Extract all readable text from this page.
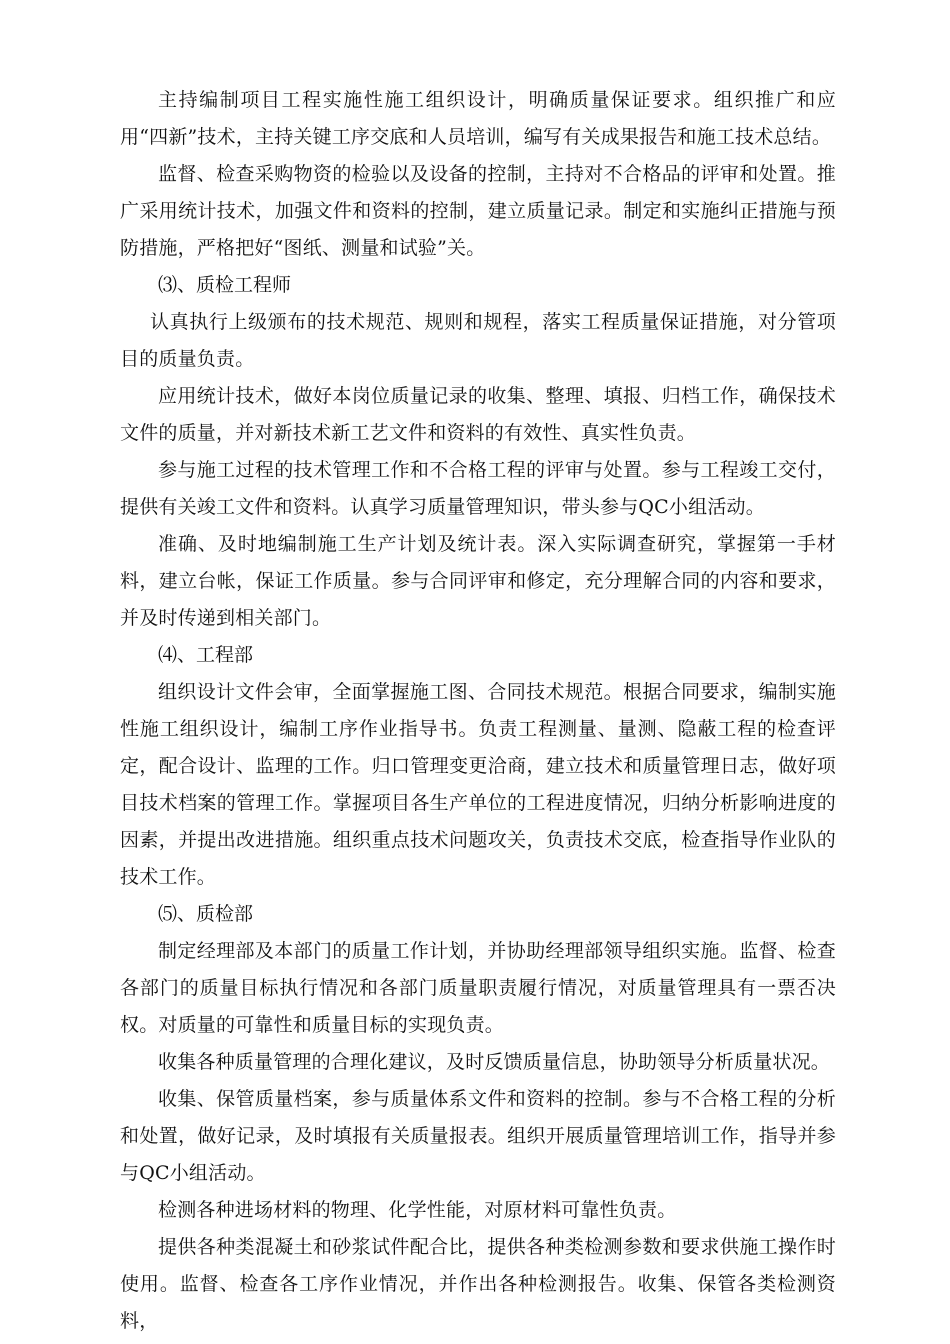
主持编制项目工程实施性施工组织设计，明确质量保证要求。组织推广和应用“四新”技术，主持关键工序交底和人员培训，编写有关成果报告和施工技术总结。

监督、检查采购物资的检验以及设备的控制，主持对不合格品的评审和处置。推广采用统计技术，加强文件和资料的控制，建立质量记录。制定和实施纠正措施与预防措施，严格把好“图纸、测量和试验”关。

⑶、质检工程师

认真执行上级颁布的技术规范、规则和规程，落实工程质量保证措施，对分管项目的质量负责。

应用统计技术，做好本岗位质量记录的收集、整理、填报、归档工作，确保技术文件的质量，并对新技术新工艺文件和资料的有效性、真实性负责。

参与施工过程的技术管理工作和不合格工程的评审与处置。参与工程竣工交付，提供有关竣工文件和资料。认真学习质量管理知识，带头参与QC小组活动。

准确、及时地编制施工生产计划及统计表。深入实际调查研究，掌握第一手材料，建立台帐，保证工作质量。参与合同评审和修定，充分理解合同的内容和要求，并及时传递到相关部门。

⑷、工程部

组织设计文件会审，全面掌握施工图、合同技术规范。根据合同要求，编制实施性施工组织设计，编制工序作业指导书。负责工程测量、量测、隐蔽工程的检查评定，配合设计、监理的工作。归口管理变更洽商，建立技术和质量管理日志，做好项目技术档案的管理工作。掌握项目各生产单位的工程进度情况，归纳分析影响进度的因素，并提出改进措施。组织重点技术问题攻关，负责技术交底，检查指导作业队的技术工作。

⑸、质检部

制定经理部及本部门的质量工作计划，并协助经理部领导组织实施。监督、检查各部门的质量目标执行情况和各部门质量职责履行情况，对质量管理具有一票否决权。对质量的可靠性和质量目标的实现负责。

收集各种质量管理的合理化建议，及时反馈质量信息，协助领导分析质量状况。

收集、保管质量档案，参与质量体系文件和资料的控制。参与不合格工程的分析和处置，做好记录，及时填报有关质量报表。组织开展质量管理培训工作，指导并参与QC小组活动。

检测各种进场材料的物理、化学性能，对原材料可靠性负责。

提供各种类混凝土和砂浆试件配合比，提供各种类检测参数和要求供施工操作时使用。监督、检查各工序作业情况，并作出各种检测报告。收集、保管各类检测资料，
